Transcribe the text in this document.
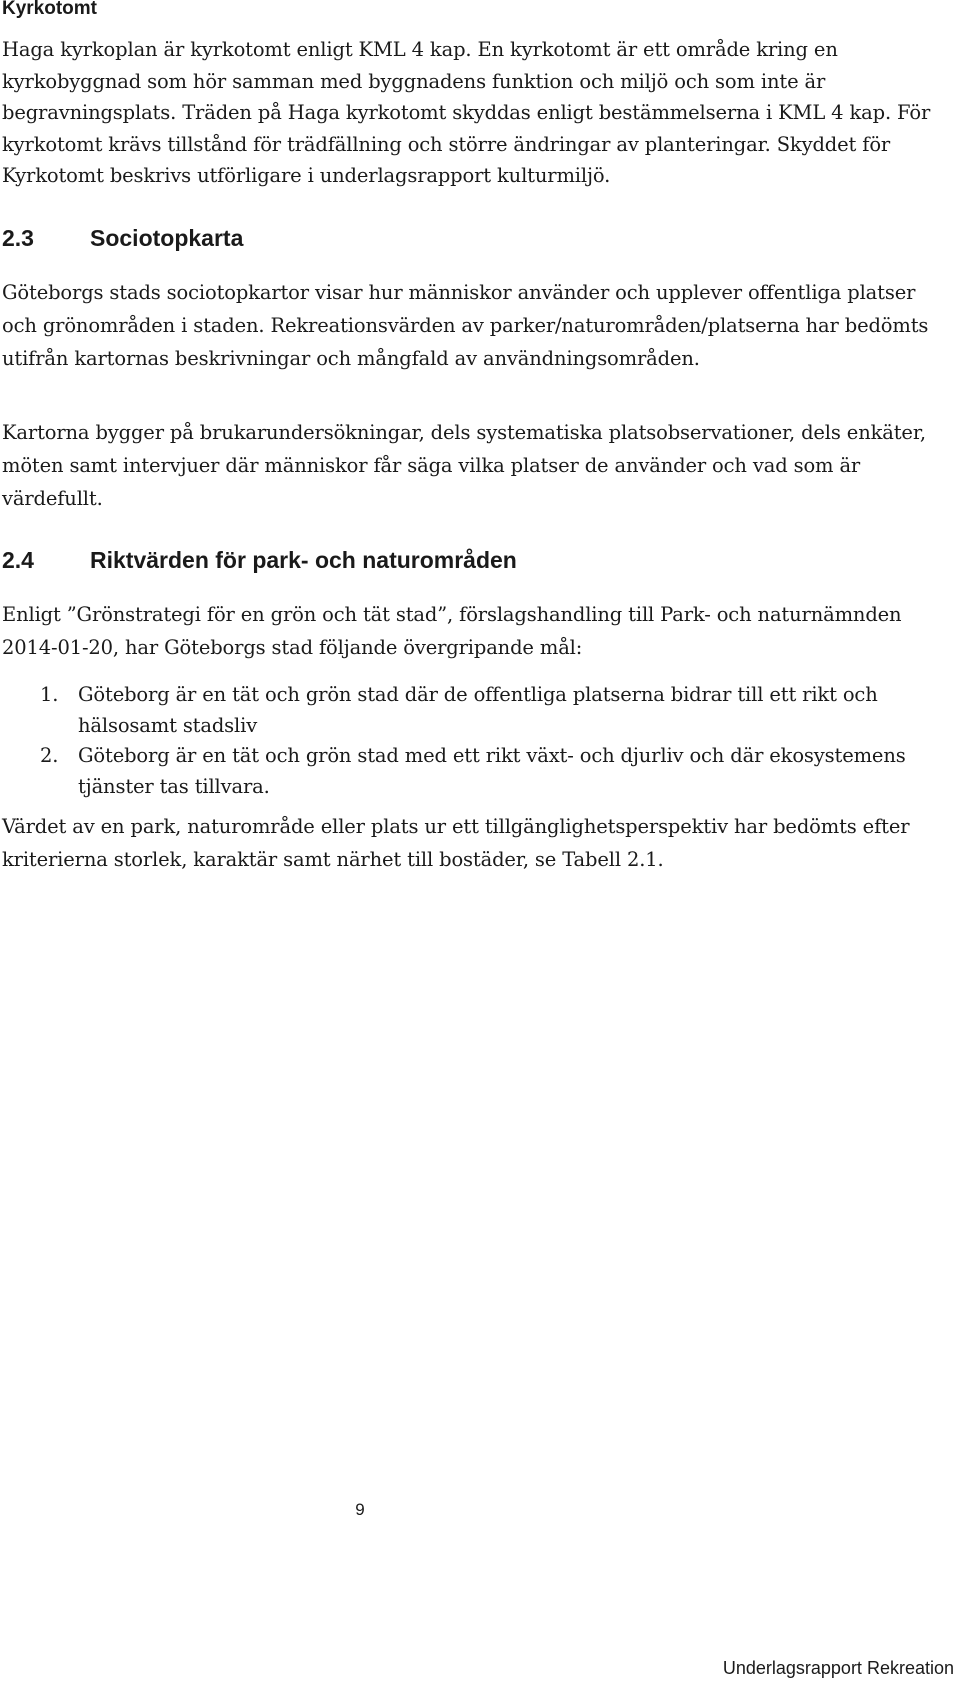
Kyrkotomt

Haga kyrkoplan är kyrkotomt enligt KML 4 kap. En kyrkotomt är ett område kring en kyrkobyggnad som hör samman med byggnadens funktion och miljö och som inte är begravningsplats. Träden på Haga kyrkotomt skyddas enligt bestämmelserna i KML 4 kap. För kyrkotomt krävs tillstånd för trädfällning och större ändringar av planteringar. Skyddet för Kyrkotomt beskrivs utförligare i underlagsrapport kulturmiljö.

2.3 Sociotopkarta

Göteborgs stads sociotopkartor visar hur människor använder och upplever offentliga platser och grönområden i staden. Rekreationsvärden av parker/naturområden/platserna har bedömts utifrån kartornas beskrivningar och mångfald av användningsområden.

Kartorna bygger på brukarundersökningar, dels systematiska platsobservationer, dels enkäter, möten samt intervjuer där människor får säga vilka platser de använder och vad som är värdefullt.

2.4 Riktvärden för park- och naturområden

Enligt ”Grönstrategi för en grön och tät stad”, förslagshandling till Park- och naturnämnden 2014-01-20, har Göteborgs stad följande övergripande mål:

1. Göteborg är en tät och grön stad där de offentliga platserna bidrar till ett rikt och hälsosamt stadsliv
2. Göteborg är en tät och grön stad med ett rikt växt- och djurliv och där ekosystemens tjänster tas tillvara.

Värdet av en park, naturområde eller plats ur ett tillgänglighetsperspektiv har bedömts efter kriterierna storlek, karaktär samt närhet till bostäder, se Tabell 2.1.

9
Underlagsrapport Rekreation
